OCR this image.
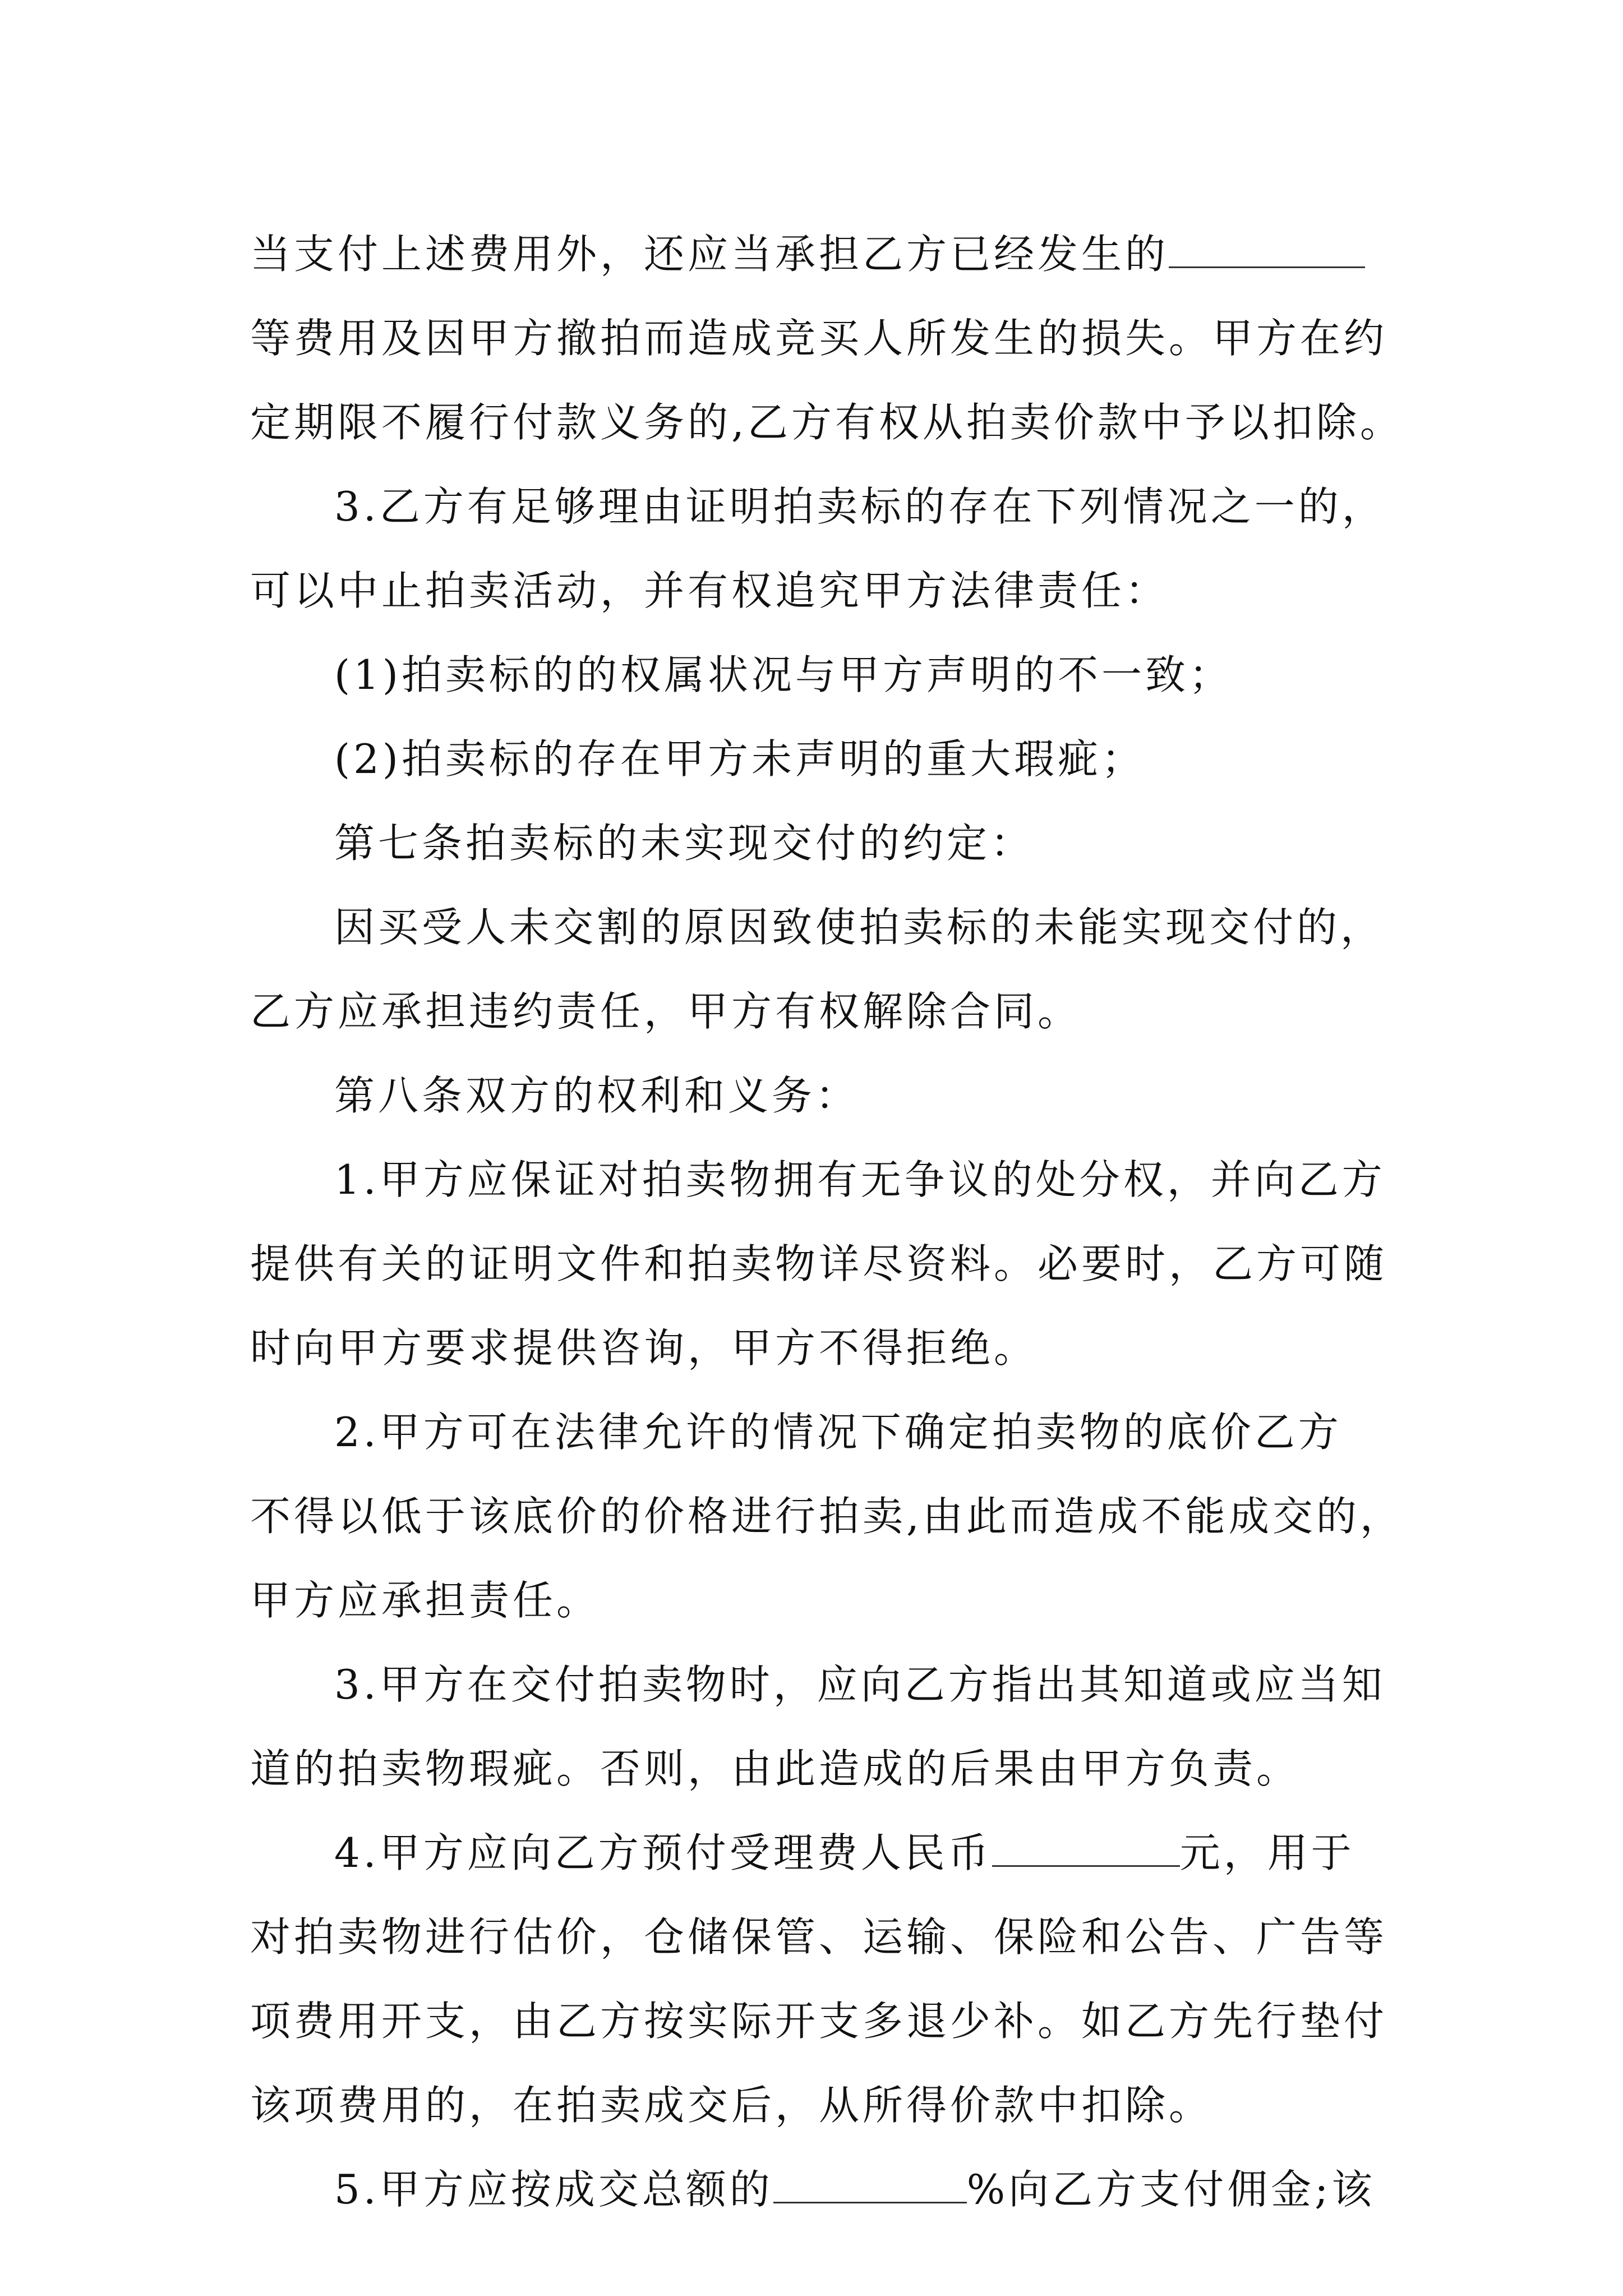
当支付上述费用外，还应当承担乙方已经发生的
等费用及因甲方撤拍而造成竞买人所发生的损失。甲方在约
定期限不履行付款义务的,乙方有权从拍卖价款中予以扣除。
3.乙方有足够理由证明拍卖标的存在下列情况之一的，
可以中止拍卖活动，并有权追究甲方法律责任：
(1)拍卖标的的权属状况与甲方声明的不一致；
(2)拍卖标的存在甲方未声明的重大瑕疵；
第七条拍卖标的未实现交付的约定：
因买受人未交割的原因致使拍卖标的未能实现交付的，
乙方应承担违约责任，甲方有权解除合同。
第八条双方的权利和义务：
1.甲方应保证对拍卖物拥有无争议的处分权，并向乙方
提供有关的证明文件和拍卖物详尽资料。必要时，乙方可随
时向甲方要求提供咨询，甲方不得拒绝。
2.甲方可在法律允许的情况下确定拍卖物的底价乙方
不得以低于该底价的价格进行拍卖,由此而造成不能成交的，
甲方应承担责任。
3.甲方在交付拍卖物时，应向乙方指出其知道或应当知
道的拍卖物瑕疵。否则，由此造成的后果由甲方负责。
4.甲方应向乙方预付受理费人民币	元，用于
对拍卖物进行估价，仓储保管、运输、保险和公告、广告等
项费用开支，由乙方按实际开支多退少补。如乙方先行垫付
该项费用的，在拍卖成交后，从所得价款中扣除。
5.甲方应按成交总额的	%向乙方支付佣金;该
